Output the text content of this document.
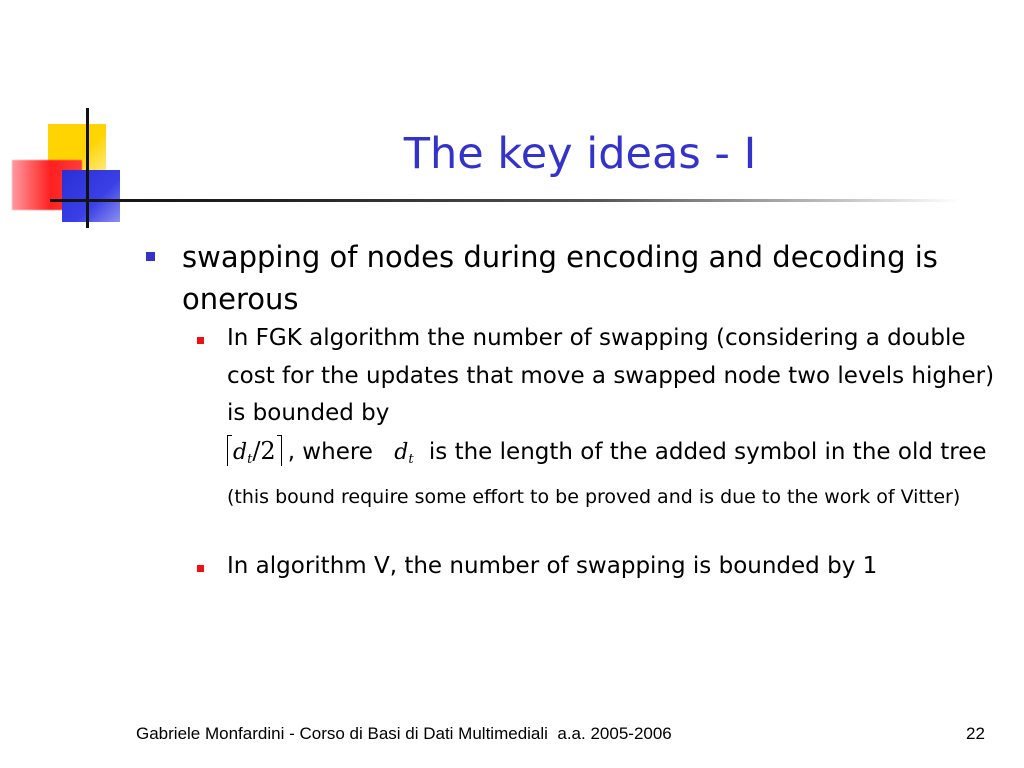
The key ideas - I
swapping of nodes during encoding and decoding is onerous
In FGK algorithm the number of swapping (considering a double cost for the updates that move a swapped node two levels higher) is bounded by
dt/2 , where dt is the length of the added symbol in the old tree (this bound require some effort to be proved and is due to the work of Vitter)
In algorithm V, the number of swapping is bounded by 1
Gabriele Monfardini - Corso di Basi di Dati Multimediali  a.a. 2005-2006	22
